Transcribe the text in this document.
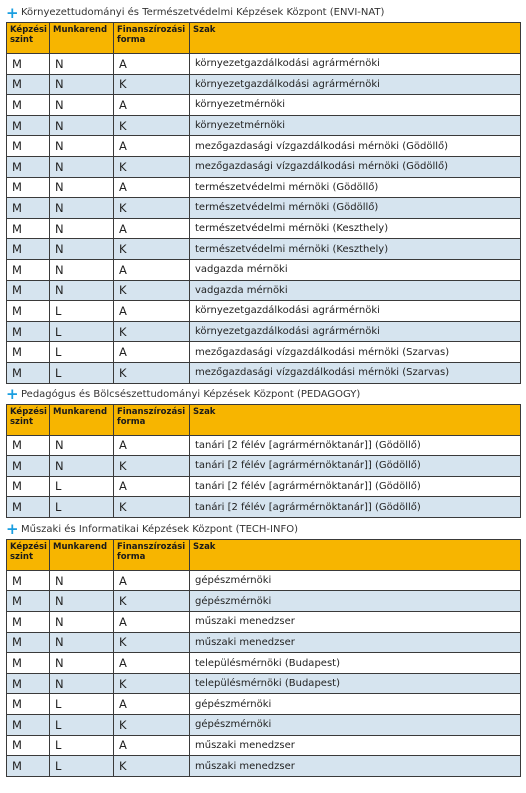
+ Környezettudományi és Természetvédelmi Képzések Központ (ENVI-NAT)
Képzési szint	Munkarend	Finanszírozási forma	Szak
M	N	A	környezetgazdálkodási agrármérnöki
M	N	K	környezetgazdálkodási agrármérnöki
M	N	A	környezetmérnöki
M	N	K	környezetmérnöki
M	N	A	mezőgazdasági vízgazdálkodási mérnöki (Gödöllő)
M	N	K	mezőgazdasági vízgazdálkodási mérnöki (Gödöllő)
M	N	A	természetvédelmi mérnöki (Gödöllő)
M	N	K	természetvédelmi mérnöki (Gödöllő)
M	N	A	természetvédelmi mérnöki (Keszthely)
M	N	K	természetvédelmi mérnöki (Keszthely)
M	N	A	vadgazda mérnöki
M	N	K	vadgazda mérnöki
M	L	A	környezetgazdálkodási agrármérnöki
M	L	K	környezetgazdálkodási agrármérnöki
M	L	A	mezőgazdasági vízgazdálkodási mérnöki (Szarvas)
M	L	K	mezőgazdasági vízgazdálkodási mérnöki (Szarvas)
+ Pedagógus és Bölcsészettudományi Képzések Központ (PEDAGOGY)
Képzési szint	Munkarend	Finanszírozási forma	Szak
M	N	A	tanári [2 félév [agrármérnöktanár]] (Gödöllő)
M	N	K	tanári [2 félév [agrármérnöktanár]] (Gödöllő)
M	L	A	tanári [2 félév [agrármérnöktanár]] (Gödöllő)
M	L	K	tanári [2 félév [agrármérnöktanár]] (Gödöllő)
+ Műszaki és Informatikai Képzések Központ (TECH-INFO)
Képzési szint	Munkarend	Finanszírozási forma	Szak
M	N	A	gépészmérnöki
M	N	K	gépészmérnöki
M	N	A	műszaki menedzser
M	N	K	műszaki menedzser
M	N	A	településmérnöki (Budapest)
M	N	K	településmérnöki (Budapest)
M	L	A	gépészmérnöki
M	L	K	gépészmérnöki
M	L	A	műszaki menedzser
M	L	K	műszaki menedzser
